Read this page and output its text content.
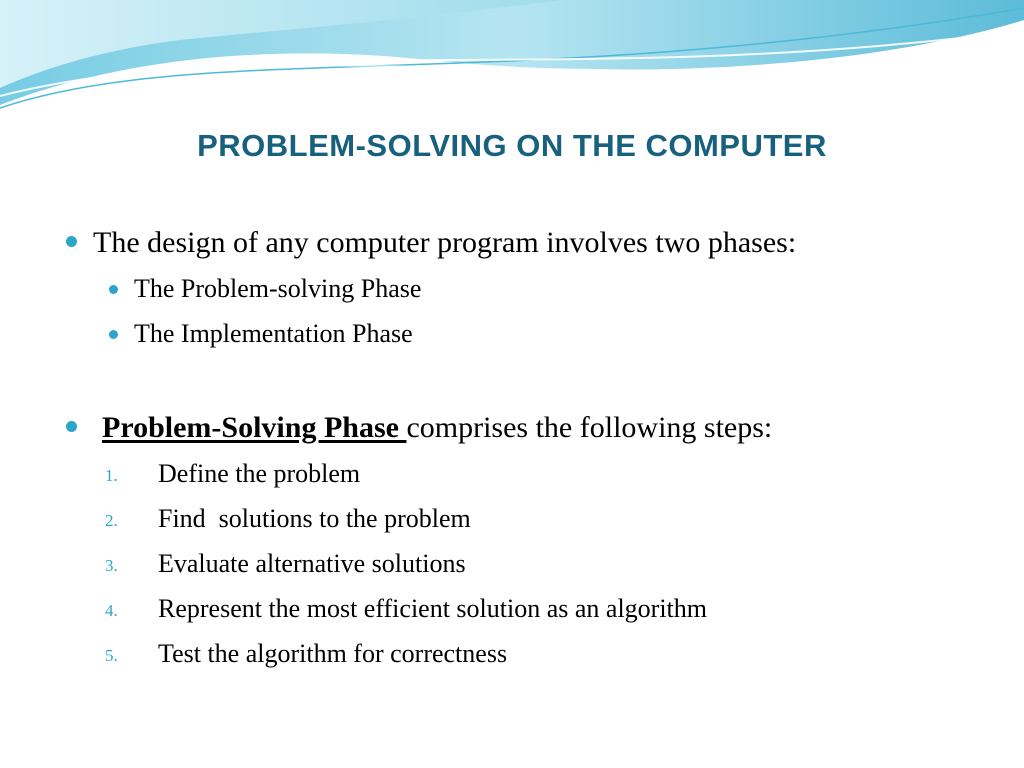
PROBLEM-SOLVING ON THE COMPUTER
The design of any computer program involves two phases:
The Problem-solving Phase
The Implementation Phase
Problem-Solving Phase comprises the following steps:
1. Define the problem
2. Find  solutions to the problem
3. Evaluate alternative solutions
4. Represent the most efficient solution as an algorithm
5. Test the algorithm for correctness
